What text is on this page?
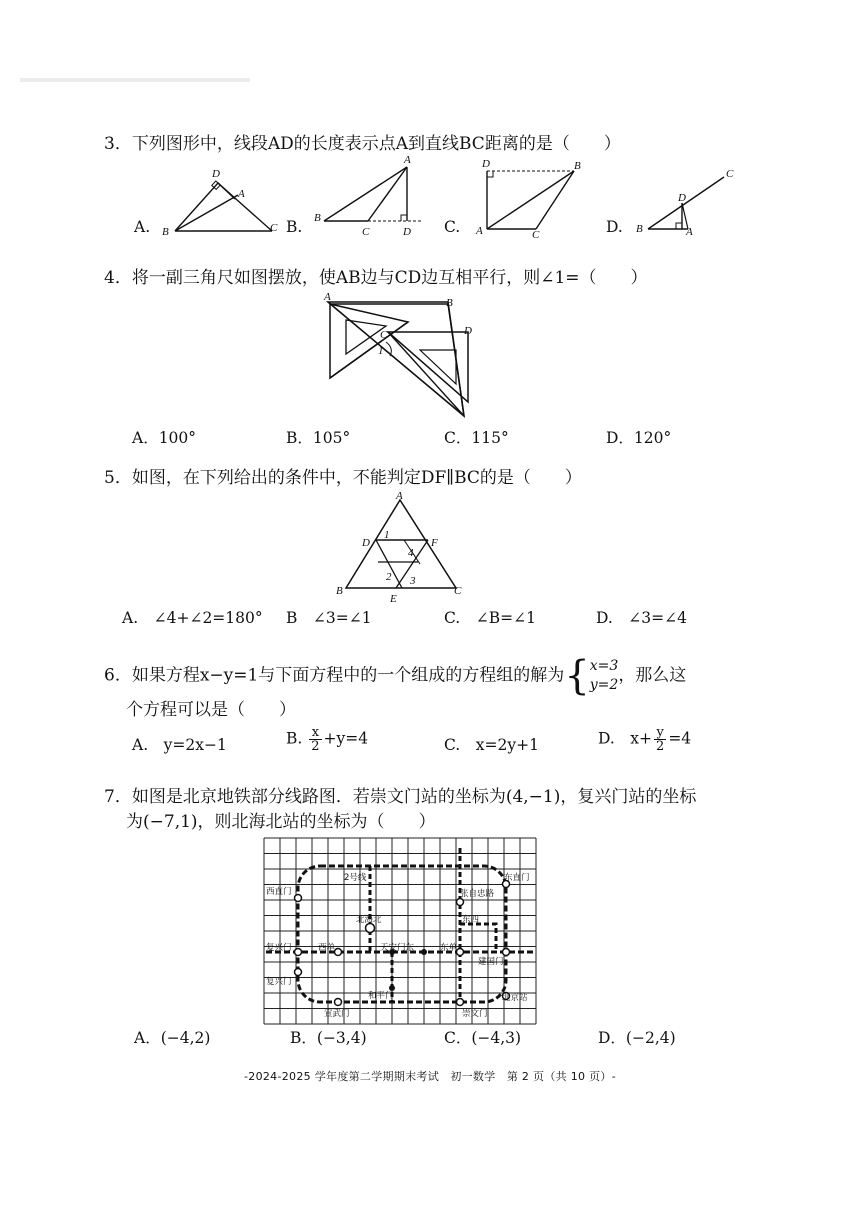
3．下列图形中，线段AD的长度表示点A到直线BC距离的是（　　）
A.
D
A
B	C B.
A
B
C	D C.
D	B
A	C	D.
C
D
B	A
4．将一副三角尺如图摆放，使AB边与CD边互相平行，则∠1=（　　）
A	B
C	D
1
A．100°	B．105°	C．115°	D．120°
5．如图，在下列给出的条件中，不能判定DF∥BC的是（　　）
A
D	F
B
E
C
1
2 3
4
A.　∠4+∠2=180° B　∠3=∠1	C.　∠B=∠1	D.　∠3=∠4
6．如果方程x−y=1与下面方程中的一个组成的方程组的解为{ x=3
y=2 ，那么这
个方程可以是（　　）
A.　y=2x−1	B. $\frac{x}{2} +y=4$	C.　x=2y+1	D.　$x+ \frac{y}{2} =4$
7．如图是北京地铁部分线路图．若崇文门站的坐标为(4,−1)，复兴门站的坐标
为(−7,1)，则北海北站的坐标为（　　）
2号线
西直门
东直门
张自忠路
北海北	东四
复兴门	西单	天安门东	东单
建国门
复兴门
和平门	北京站
宣武门	崇文门
A．(−4,2)	B．(−3,4)	C．(−4,3)	D．(−2,4)
-2024-2025 学年度第二学期期末考试　初一数学　第 2 页（共 10 页）-
